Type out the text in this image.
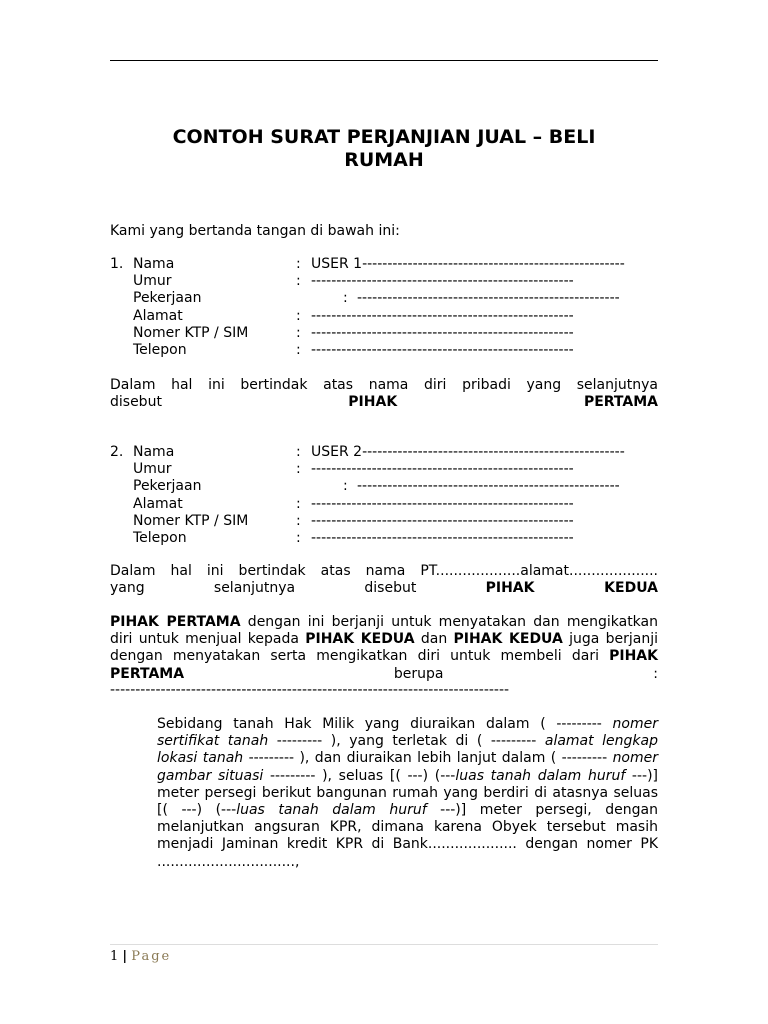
CONTOH SURAT PERJANJIAN JUAL – BELI
RUMAH

Kami yang bertanda tangan di bawah ini:

1. Nama	: USER 1----------------------------------------------------
Umur	: ----------------------------------------------------
Pekerjaan	: ----------------------------------------------------
Alamat	: ----------------------------------------------------
Nomer KTP / SIM	: ----------------------------------------------------
Telepon	: ----------------------------------------------------

Dalam hal ini bertindak atas nama diri pribadi yang selanjutnya
disebut PIHAK PERTAMA

2. Nama	: USER 2----------------------------------------------------
Umur	: ----------------------------------------------------
Pekerjaan	: ----------------------------------------------------
Alamat	: ----------------------------------------------------
Nomer KTP / SIM	: ----------------------------------------------------
Telepon	: ----------------------------------------------------

Dalam hal ini bertindak atas nama PT...................alamat....................
yang selanjutnya disebut PIHAK KEDUA

PIHAK PERTAMA dengan ini berjanji untuk menyatakan dan mengikatkan diri untuk menjual kepada PIHAK KEDUA dan PIHAK KEDUA juga berjanji dengan menyatakan serta mengikatkan diri untuk membeli dari PIHAK PERTAMA berupa :

-------------------------------------------------------------------------------

Sebidang tanah Hak Milik yang diuraikan dalam ( --------- nomer sertifikat tanah --------- ), yang terletak di ( --------- alamat lengkap lokasi tanah --------- ), dan diuraikan lebih lanjut dalam ( --------- nomer gambar situasi --------- ), seluas [( ---) (---luas tanah dalam huruf ---)] meter persegi berikut bangunan rumah yang berdiri di atasnya seluas [( ---) (---luas tanah dalam huruf ---)] meter persegi, dengan melanjutkan angsuran KPR, dimana karena Obyek tersebut masih menjadi Jaminan kredit KPR di Bank.................... dengan nomer PK ...............................,

1 | Page
